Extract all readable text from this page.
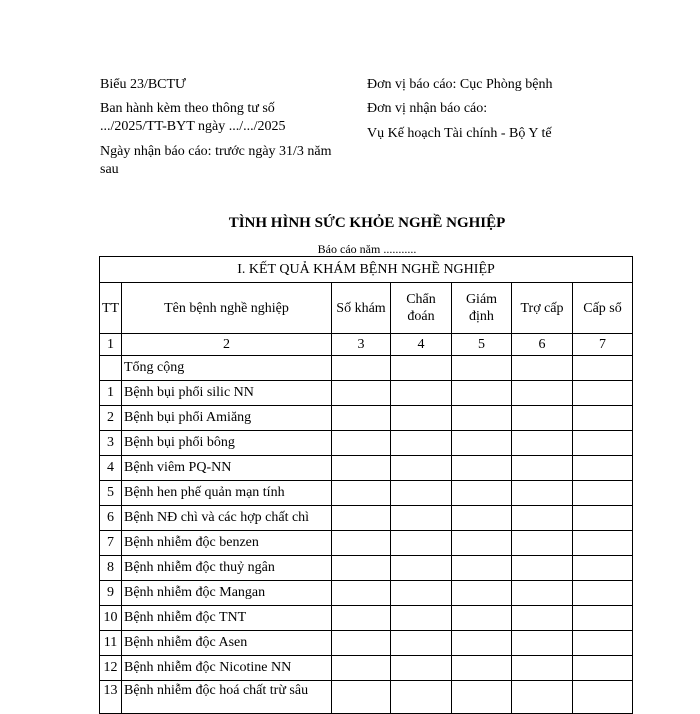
Biểu 23/BCTƯ
Ban hành kèm theo thông tư số
.../2025/TT-BYT ngày .../.../2025
Ngày nhận báo cáo: trước ngày 31/3 năm
sau
Đơn vị báo cáo: Cục Phòng bệnh
Đơn vị nhận báo cáo:
Vụ Kế hoạch Tài chính - Bộ Y tế
TÌNH HÌNH SỨC KHỎE NGHỀ NGHIỆP
Báo cáo năm ...........
I. KẾT QUẢ KHÁM BỆNH NGHỀ NGHIỆP						
TT	Tên bệnh nghề nghiệp	Số khám	Chẩn đoán	Giám định	Trợ cấp	Cấp sổ
1	2	3	4	5	6	7
	Tổng cộng					
1	Bệnh bụi phổi silic NN					
2	Bệnh bụi phổi Amiăng					
3	Bệnh bụi phổi bông					
4	Bệnh viêm PQ-NN					
5	Bệnh hen phế quản mạn tính					
6	Bệnh NĐ chì và các hợp chất chì					
7	Bệnh nhiễm độc benzen					
8	Bệnh nhiễm độc thuỷ ngân					
9	Bệnh nhiễm độc Mangan					
10	Bệnh nhiễm độc TNT					
11	Bệnh nhiễm độc Asen					
12	Bệnh nhiễm độc Nicotine NN					
13	Bệnh nhiễm độc hoá chất trừ sâu					
